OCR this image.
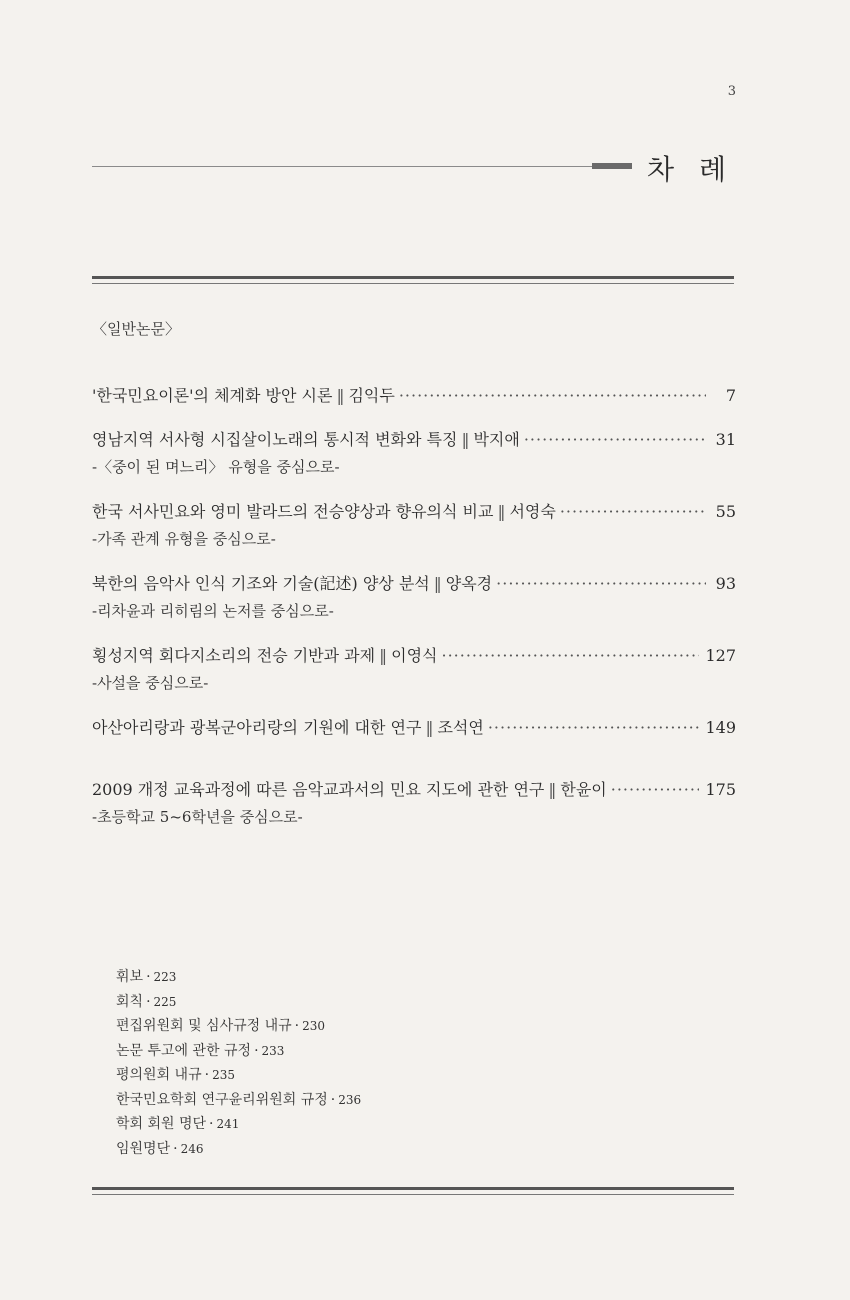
3
차 례
〈일반논문〉
'한국민요이론'의 체계화 방안 시론 ‖ 김익두 ·····	7
영남지역 서사형 시집살이노래의 통시적 변화와 특징 ‖ 박지애 ·····	31
-〈중이 된 며느리〉 유형을 중심으로-
한국 서사민요와 영미 발라드의 전승양상과 향유의식 비교 ‖ 서영숙 ·····	55
-가족 관계 유형을 중심으로-
북한의 음악사 인식 기조와 기술(記述) 양상 분석 ‖ 양옥경 ·····	93
-리차윤과 리히림의 논저를 중심으로-
횡성지역 회다지소리의 전승 기반과 과제 ‖ 이영식 ·····	127
-사설을 중심으로-
아산아리랑과 광복군아리랑의 기원에 대한 연구 ‖ 조석연 ·····	149
2009 개정 교육과정에 따른 음악교과서의 민요 지도에 관한 연구 ‖ 한윤이 ·····	175
-초등학교 5~6학년을 중심으로-
휘보 · 223
회칙 · 225
편집위원회 및 심사규정 내규 · 230
논문 투고에 관한 규정 · 233
평의원회 내규 · 235
한국민요학회 연구윤리위원회 규정 · 236
학회 회원 명단 · 241
임원명단 · 246
